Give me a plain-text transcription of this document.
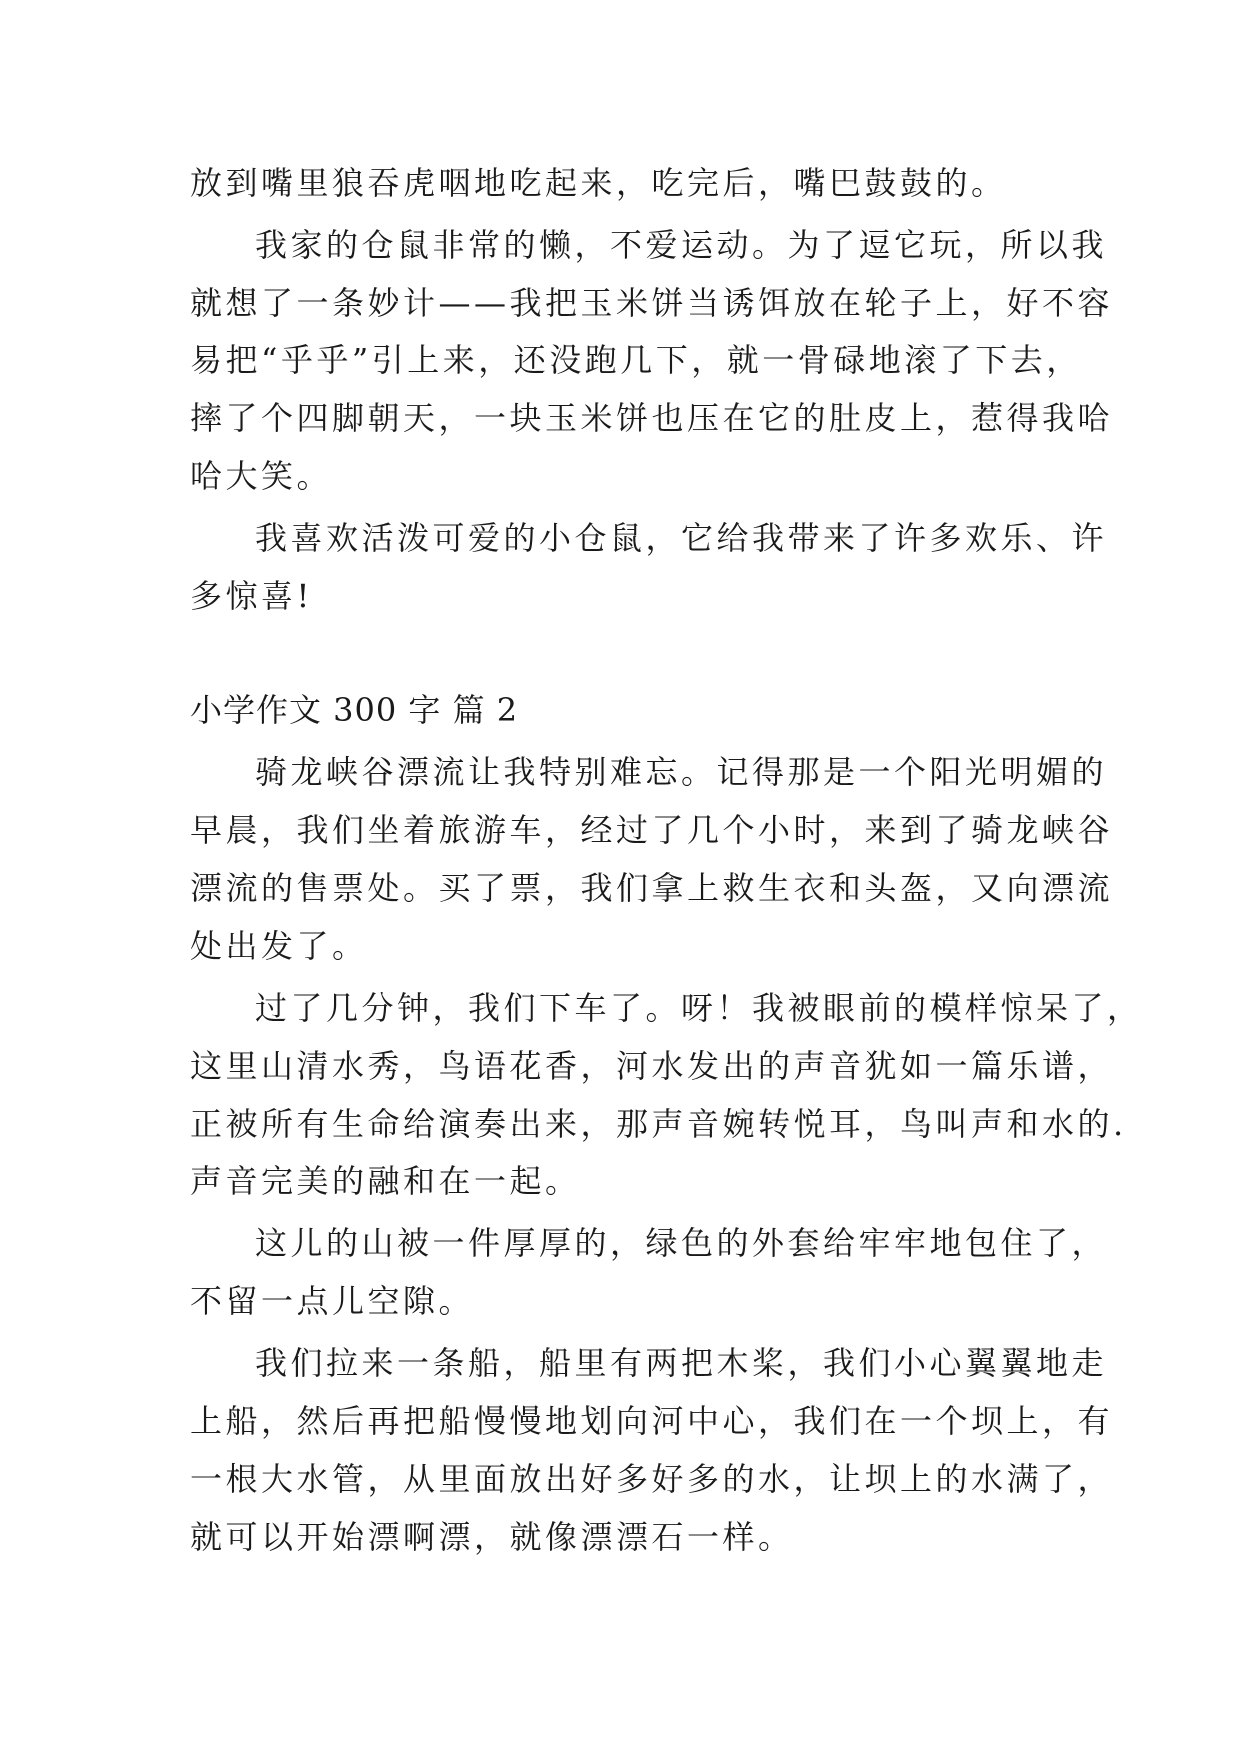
放到嘴里狼吞虎咽地吃起来，吃完后，嘴巴鼓鼓的。
我家的仓鼠非常的懒，不爱运动。为了逗它玩，所以我
就想了一条妙计——我把玉米饼当诱饵放在轮子上，好不容
易把“乎乎”引上来，还没跑几下，就一骨碌地滚了下去，
摔了个四脚朝天，一块玉米饼也压在它的肚皮上，惹得我哈
哈大笑。
我喜欢活泼可爱的小仓鼠，它给我带来了许多欢乐、许
多惊喜!
小学作文 300 字 篇 2
骑龙峡谷漂流让我特别难忘。记得那是一个阳光明媚的
早晨，我们坐着旅游车，经过了几个小时，来到了骑龙峡谷
漂流的售票处。买了票，我们拿上救生衣和头盔，又向漂流
处出发了。
过了几分钟，我们下车了。呀！我被眼前的模样惊呆了，
这里山清水秀，鸟语花香，河水发出的声音犹如一篇乐谱，
正被所有生命给演奏出来，那声音婉转悦耳，鸟叫声和水的.
声音完美的融和在一起。
这儿的山被一件厚厚的，绿色的外套给牢牢地包住了，
不留一点儿空隙。
我们拉来一条船，船里有两把木桨，我们小心翼翼地走
上船，然后再把船慢慢地划向河中心，我们在一个坝上，有
一根大水管，从里面放出好多好多的水，让坝上的水满了，
就可以开始漂啊漂，就像漂漂石一样。
